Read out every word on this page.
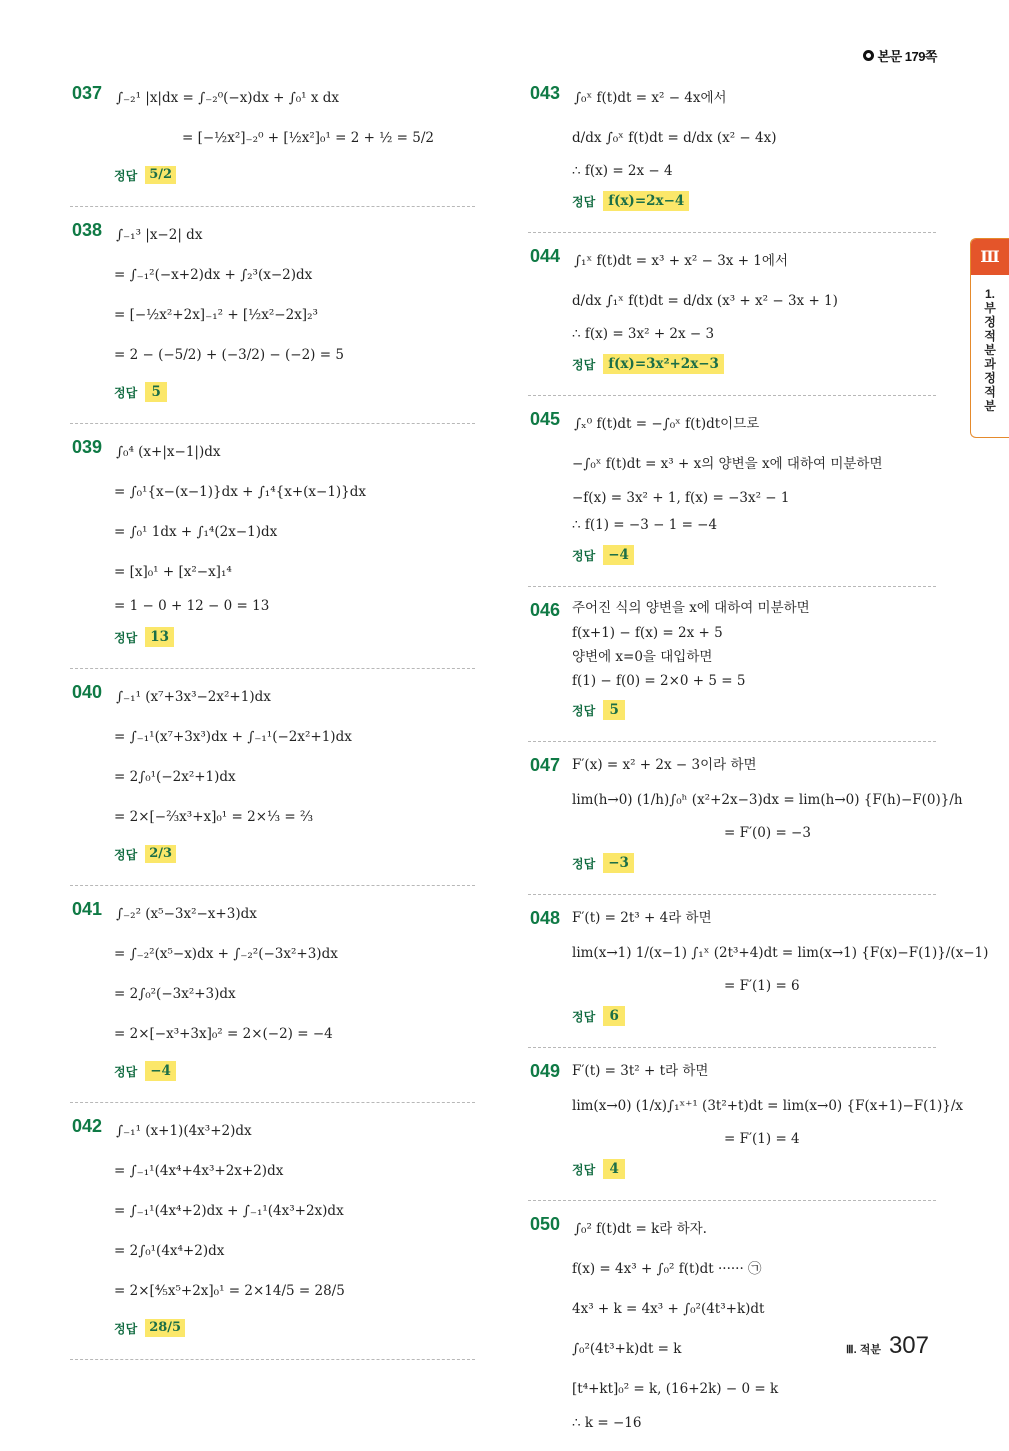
본문 179쪽
037	∫₋₂¹ |x|dx = ∫₋₂⁰(−x)dx + ∫₀¹ x dx
= [−½x²]₋₂⁰ + [½x²]₀¹ = 2 + ½ = 5/2
정답 5/2
038	∫₋₁³ |x−2| dx
= ∫₋₁²(−x+2)dx + ∫₂³(x−2)dx
= [−½x²+2x]₋₁² + [½x²−2x]₂³
= 2 − (−5/2) + (−3/2) − (−2) = 5
정답	5
039	∫₀⁴ (x+|x−1|)dx
= ∫₀¹{x−(x−1)}dx + ∫₁⁴{x+(x−1)}dx
= ∫₀¹ 1dx + ∫₁⁴(2x−1)dx
= [x]₀¹ + [x²−x]₁⁴
= 1 − 0 + 12 − 0 = 13
정답 13
040	∫₋₁¹ (x⁷+3x³−2x²+1)dx
= ∫₋₁¹(x⁷+3x³)dx + ∫₋₁¹(−2x²+1)dx
= 2∫₀¹(−2x²+1)dx
= 2×[−⅔x³+x]₀¹ = 2×⅓ = ⅔
정답 2/3
041	∫₋₂² (x⁵−3x²−x+3)dx
= ∫₋₂²(x⁵−x)dx + ∫₋₂²(−3x²+3)dx
= 2∫₀²(−3x²+3)dx
= 2×[−x³+3x]₀² = 2×(−2) = −4
정답 −4
042	∫₋₁¹ (x+1)(4x³+2)dx
= ∫₋₁¹(4x⁴+4x³+2x+2)dx
= ∫₋₁¹(4x⁴+2)dx + ∫₋₁¹(4x³+2x)dx
= 2∫₀¹(4x⁴+2)dx
= 2×[⅘x⁵+2x]₀¹ = 2×14/5 = 28/5
정답 28/5
043	∫₀ˣ f(t)dt = x² − 4x에서
d/dx ∫₀ˣ f(t)dt = d/dx (x² − 4x)
∴ f(x) = 2x − 4
정답 f(x)=2x−4
044	∫₁ˣ f(t)dt = x³ + x² − 3x + 1에서
d/dx ∫₁ˣ f(t)dt = d/dx (x³ + x² − 3x + 1)
∴ f(x) = 3x² + 2x − 3
정답 f(x)=3x²+2x−3
045	∫ₓ⁰ f(t)dt = −∫₀ˣ f(t)dt이므로
−∫₀ˣ f(t)dt = x³ + x의 양변을 x에 대하여 미분하면
−f(x) = 3x² + 1, f(x) = −3x² − 1
∴ f(1) = −3 − 1 = −4
정답 −4
046 주어진 식의 양변을 x에 대하여 미분하면
f(x+1) − f(x) = 2x + 5
양변에 x=0을 대입하면
f(1) − f(0) = 2×0 + 5 = 5
정답	5
047 F′(x) = x² + 2x − 3이라 하면
lim(h→0) (1/h)∫₀ʰ (x²+2x−3)dx = lim(h→0) {F(h)−F(0)}/h
= F′(0) = −3
정답 −3
048 F′(t) = 2t³ + 4라 하면
lim(x→1) 1/(x−1) ∫₁ˣ (2t³+4)dt = lim(x→1) {F(x)−F(1)}/(x−1)
= F′(1) = 6
정답	6
049 F′(t) = 3t² + t라 하면
lim(x→0) (1/x)∫₁ˣ⁺¹ (3t²+t)dt = lim(x→0) {F(x+1)−F(1)}/x
= F′(1) = 4
정답	4
050	∫₀² f(t)dt = k라 하자.
f(x) = 4x³ + ∫₀² f(t)dt ······ ㉠
4x³ + k = 4x³ + ∫₀²(4t³+k)dt
∫₀²(4t³+k)dt = k
[t⁴+kt]₀² = k, (16+2k) − 0 = k
∴ k = −16
Ⅲ
1.부정적분과정적분
Ⅲ. 적분 307
